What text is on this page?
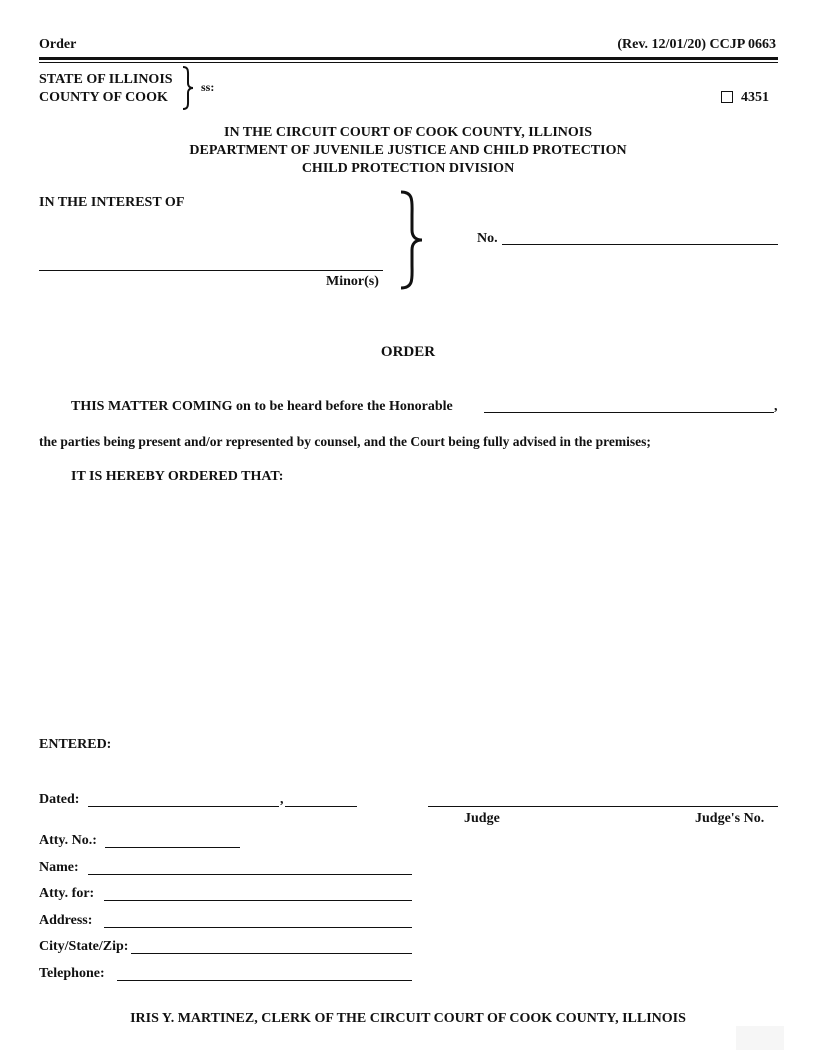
Order	(Rev. 12/01/20) CCJP 0663
STATE OF ILLINOIS
COUNTY OF COOK
ss:
4351
IN THE CIRCUIT COURT OF COOK COUNTY, ILLINOIS
DEPARTMENT OF JUVENILE JUSTICE AND CHILD PROTECTION
CHILD PROTECTION DIVISION
IN THE INTEREST OF
Minor(s)
No.
ORDER
THIS MATTER COMING on to be heard before the Honorable	,
the parties being present and/or represented by counsel, and the Court being fully advised in the premises;
IT IS HEREBY ORDERED THAT:
ENTERED:
Dated:	,
Judge	Judge's No.
Atty. No.:
Name:
Atty. for:
Address:
City/State/Zip:
Telephone:
IRIS Y. MARTINEZ, CLERK OF THE CIRCUIT COURT OF COOK COUNTY, ILLINOIS
